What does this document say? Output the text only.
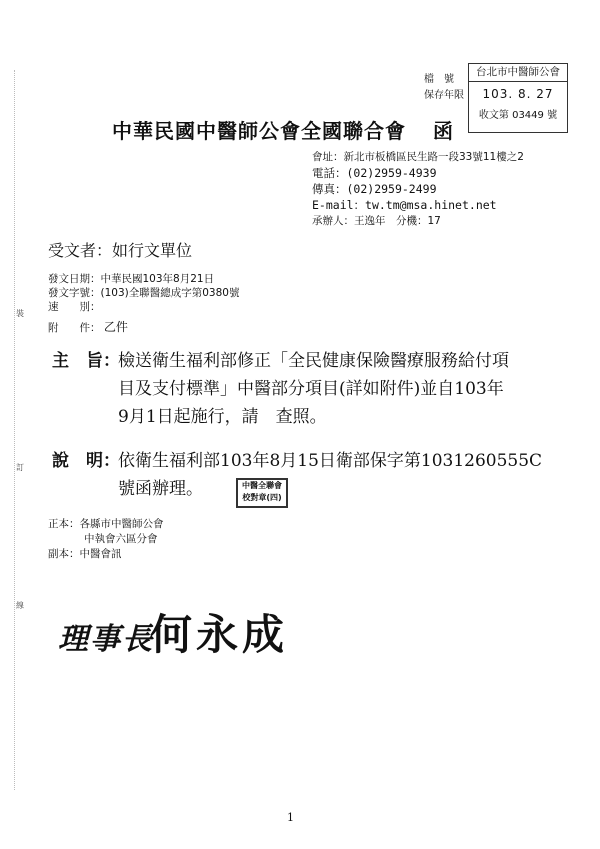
裝
訂
線
檔　號
保存年限
台北市中醫師公會
103. 8. 27
收文第 03449 號
中華民國中醫師公會全國聯合會 函
會址：新北市板橋區民生路一段33號11樓之2
電話：(02)2959-4939
傳真：(02)2959-2499
E-mail：tw.tm@msa.hinet.net
承辦人：王逸年　分機：17
受文者：如行文單位
發文日期：中華民國103年8月21日
發文字號：(103)全聯醫總成字第0380號
速　　別：
附　　件： 乙件
主　旨：
檢送衛生福利部修正「全民健康保險醫療服務給付項
目及支付標準」中醫部分項目(詳如附件)並自103年
9月1日起施行，請　查照。
說　明：
依衛生福利部103年8月15日衛部保字第1031260555C
號函辦理。	中醫全聯會
校對章(四)
正本：各縣市中醫師公會
中執會六區分會
副本：中醫會訊
理事長
何永成
1
